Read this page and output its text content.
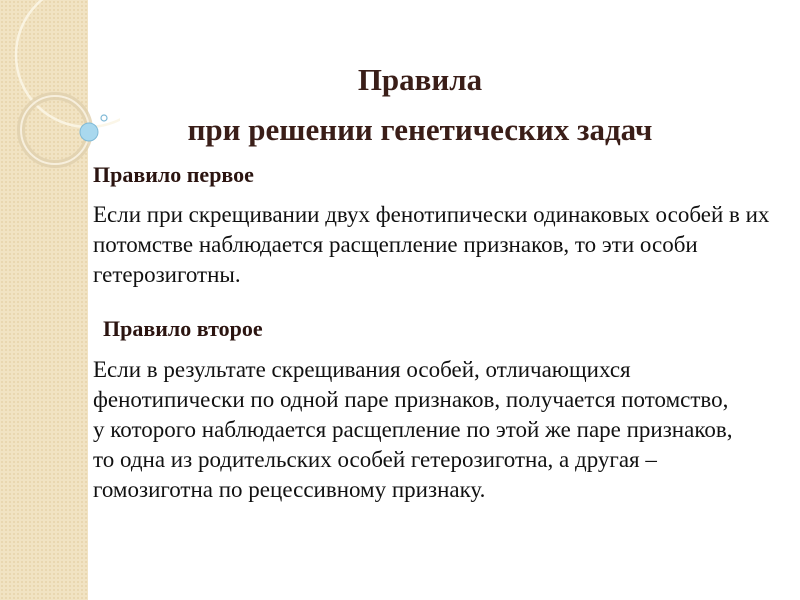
Правила
при решении генетических задач
Правило первое
Если при скрещивании двух фенотипически одинаковых особей в их потомстве наблюдается расщепление признаков, то эти особи гетерозиготны.
Правило второе
Если в результате скрещивания особей, отличающихся фенотипически по одной паре признаков, получается потомство, у которого наблюдается расщепление по этой же паре признаков, то одна из родительских особей гетерозиготна, а другая – гомозиготна по рецессивному признаку.
